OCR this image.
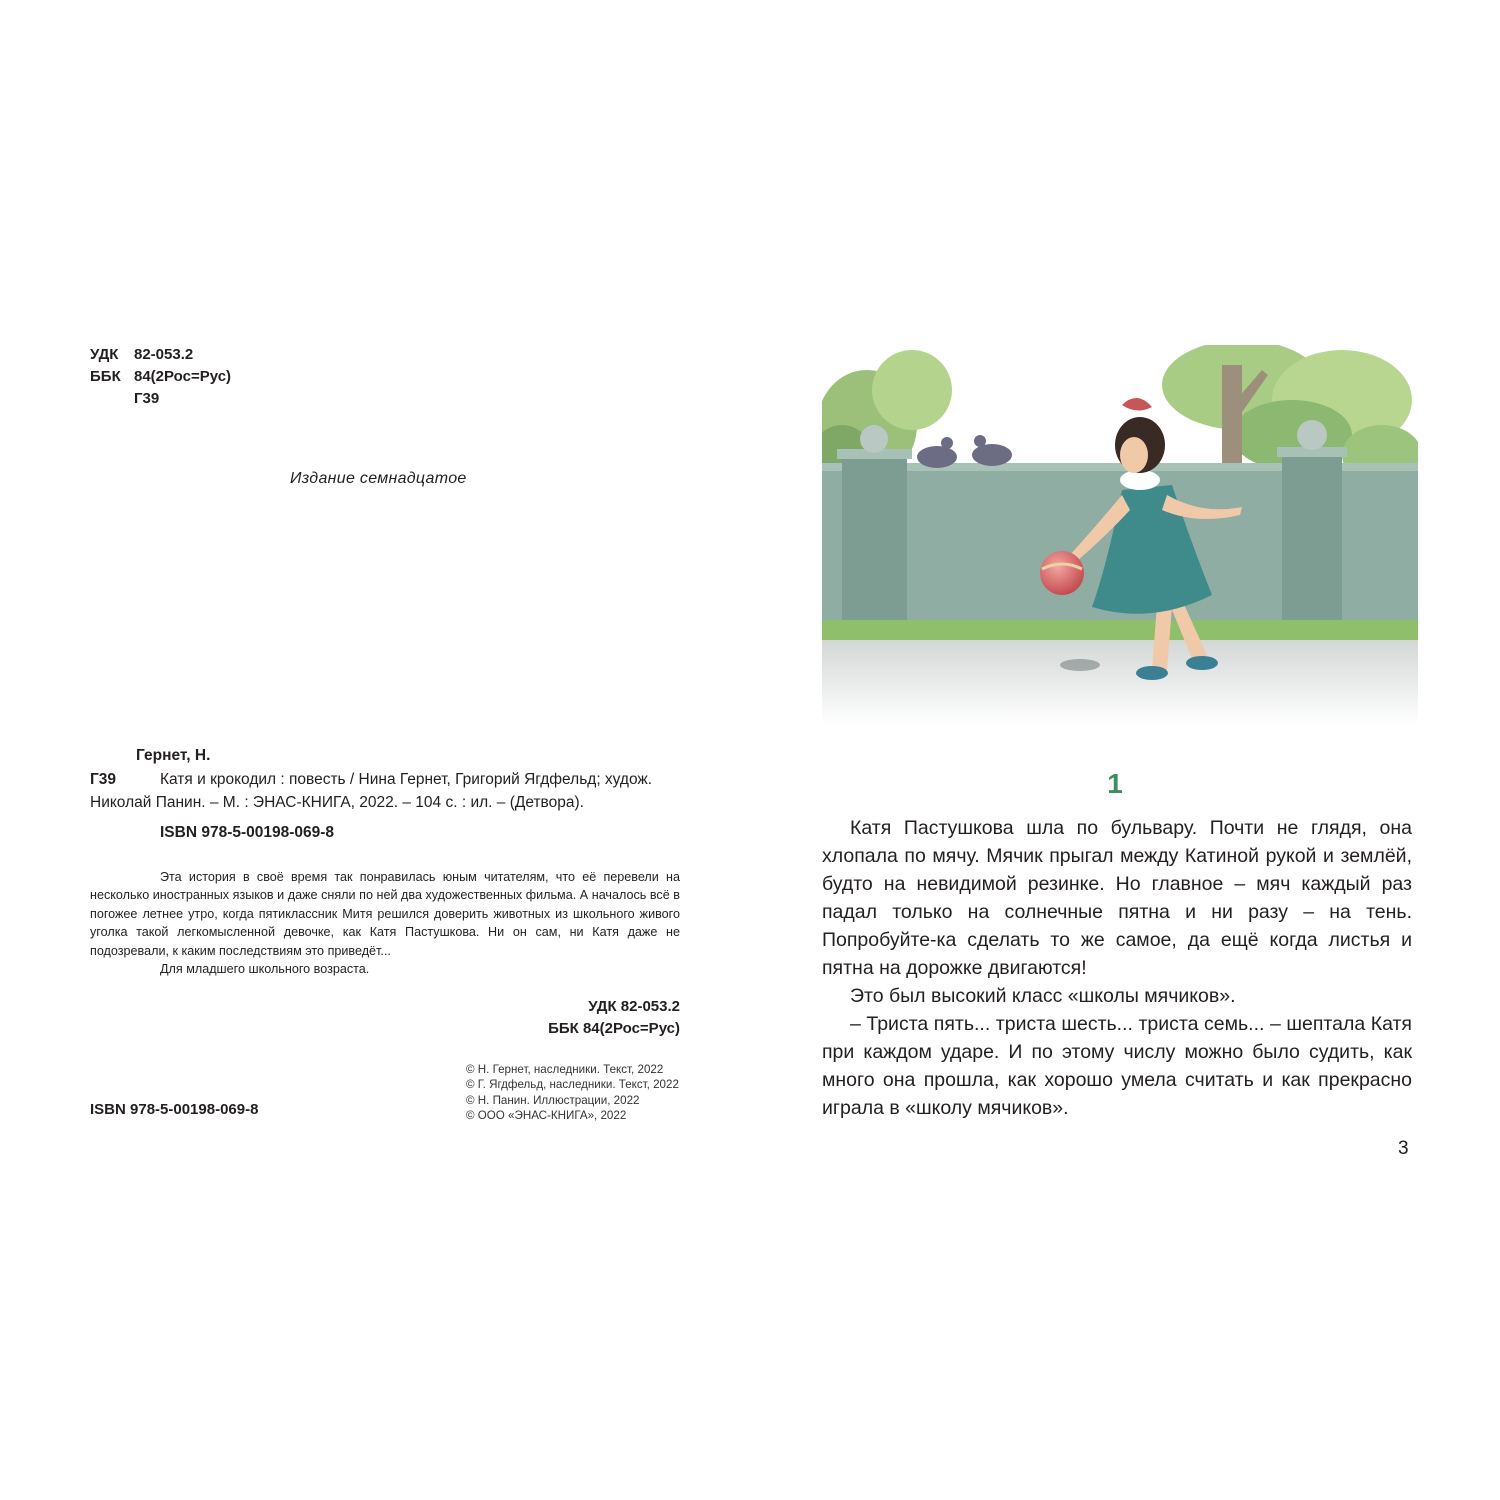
УДК	82-053.2
ББК 84(2Рос=Рус)
Г39
Издание семнадцатое
Гернет, Н.
Г39	Катя и крокодил : повесть / Нина Гернет, Григорий Ягдфельд; худож. Николай Панин. – М. : ЭНАС-КНИГА, 2022. – 104 с. : ил. – (Детвора).
ISBN 978-5-00198-069-8

Эта история в своё время так понравилась юным читателям, что её перевели на несколько иностранных языков и даже сняли по ней два художественных фильма. А началось всё в погожее летнее утро, когда пятиклассник Митя решился доверить животных из школьного живого уголка такой легкомысленной девочке, как Катя Пастушкова. Ни он сам, ни Катя даже не подозревали, к каким последствиям это приведёт...

Для младшего школьного возраста.

УДК 82-053.2
ББК 84(2Рос=Рус)
© Н. Гернет, наследники. Текст, 2022
© Г. Ягдфельд, наследники. Текст, 2022
© Н. Панин. Иллюстрации, 2022
© ООО «ЭНАС-КНИГА», 2022
ISBN 978-5-00198-069-8
1

Катя Пастушкова шла по бульвару. Почти не глядя, она хлопала по мячу. Мячик прыгал между Катиной рукой и землёй, будто на невидимой резинке. Но главное – мяч каждый раз падал только на солнечные пятна и ни разу – на тень. Попробуйте-ка сделать то же самое, да ещё когда листья и пятна на дорожке двигаются!

Это был высокий класс «школы мячиков».

– Триста пять... триста шесть... триста семь... – шептала Катя при каждом ударе. И по этому числу можно было судить, как много она прошла, как хорошо умела считать и как прекрасно играла в «школу мячиков».

3
